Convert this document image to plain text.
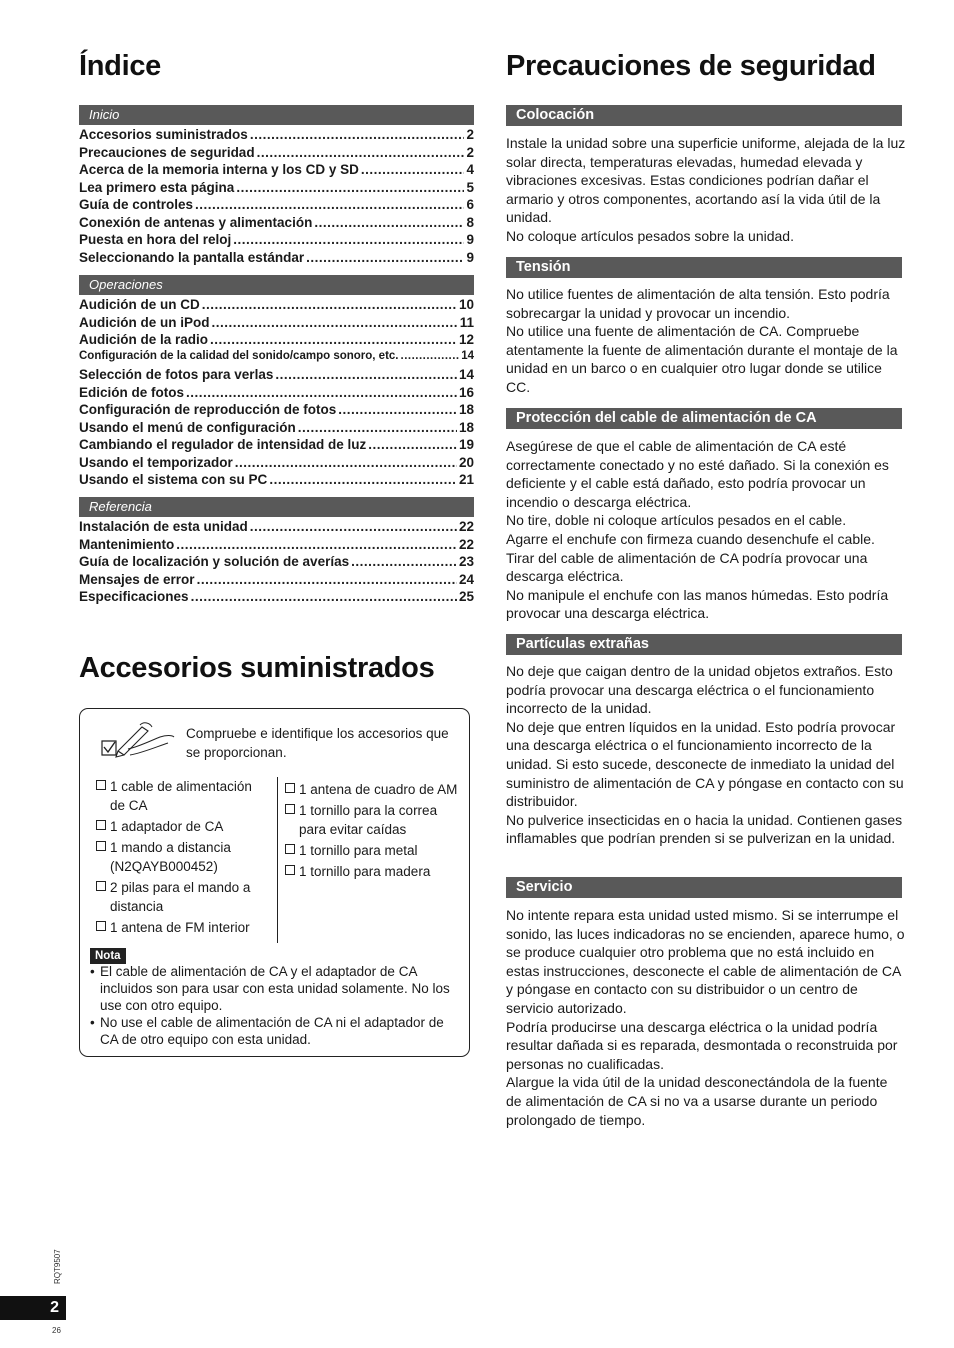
Índice
Inicio
Accesorios suministrados .....	2
Precauciones de seguridad .....	2
Acerca de la memoria interna y los CD y SD .....	4
Lea primero esta página .....	5
Guía de controles .....	6
Conexión de antenas y alimentación .....	8
Puesta en hora del reloj .....	9
Seleccionando la pantalla estándar .....	9
Operaciones
Audición de un CD .....	10
Audición de un iPod .....	11
Audición de la radio .....	12
Configuración de la calidad del sonido/campo sonoro, etc. .....	14
Selección de fotos para verlas .....	14
Edición de fotos .....	16
Configuración de reproducción de fotos .....	18
Usando el menú de configuración .....	18
Cambiando el regulador de intensidad de luz .....	19
Usando el temporizador .....	20
Usando el sistema con su PC .....	21
Referencia
Instalación de esta unidad .....	22
Mantenimiento .....	22
Guía de localización y solución de averías .....	23
Mensajes de error .....	24
Especificaciones .....	25
Accesorios suministrados
Compruebe e identifique los accesorios que se proporcionan.
1 cable de alimentación de CA
1 adaptador de CA
1 mando a distancia (N2QAYB000452)
2 pilas para el mando a distancia
1 antena de FM interior
1 antena de cuadro de AM
1 tornillo para la correa para evitar caídas
1 tornillo para metal
1 tornillo para madera
Nota
• El cable de alimentación de CA y el adaptador de CA incluidos son para usar con esta unidad solamente. No los use con otro equipo.
• No use el cable de alimentación de CA ni el adaptador de CA de otro equipo con esta unidad.
Precauciones de seguridad
Colocación

Instale la unidad sobre una superficie uniforme, alejada de la luz solar directa, temperaturas elevadas, humedad elevada y vibraciones excesivas. Estas condiciones podrían dañar el armario y otros componentes, acortando así la vida útil de la unidad.

No coloque artículos pesados sobre la unidad.

Tensión

No utilice fuentes de alimentación de alta tensión. Esto podría sobrecargar la unidad y provocar un incendio.

No utilice una fuente de alimentación de CA. Compruebe atentamente la fuente de alimentación durante el montaje de la unidad en un barco o en cualquier otro lugar donde se utilice CC.

Protección del cable de alimentación de CA

Asegúrese de que el cable de alimentación de CA esté correctamente conectado y no esté dañado. Si la conexión es deficiente y el cable está dañado, esto podría provocar un incendio o descarga eléctrica.

No tire, doble ni coloque artículos pesados en el cable.

Agarre el enchufe con firmeza cuando desenchufe el cable. Tirar del cable de alimentación de CA podría provocar una descarga eléctrica.

No manipule el enchufe con las manos húmedas. Esto podría provocar una descarga eléctrica.

Partículas extrañas

No deje que caigan dentro de la unidad objetos extraños. Esto podría provocar una descarga eléctrica o el funcionamiento incorrecto de la unidad.

No deje que entren líquidos en la unidad. Esto podría provocar una descarga eléctrica o el funcionamiento incorrecto de la unidad. Si esto sucede, desconecte de inmediato la unidad del suministro de alimentación de CA y póngase en contacto con su distribuidor.

No pulverice insecticidas en o hacia la unidad. Contienen gases inflamables que podrían prenden si se pulverizan en la unidad.

Servicio

No intente repara esta unidad usted mismo. Si se interrumpe el sonido, las luces indicadoras no se encienden, aparece humo, o se produce cualquier otro problema que no está incluido en estas instrucciones, desconecte el cable de alimentación de CA y póngase en contacto con su distribuidor o un centro de servicio autorizado.

Podría producirse una descarga eléctrica o la unidad podría resultar dañada si es reparada, desmontada o reconstruida por personas no cualificadas.

Alargue la vida útil de la unidad desconectándola de la fuente de alimentación de CA si no va a usarse durante un periodo prolongado de tiempo.

RQT9507
2
26
